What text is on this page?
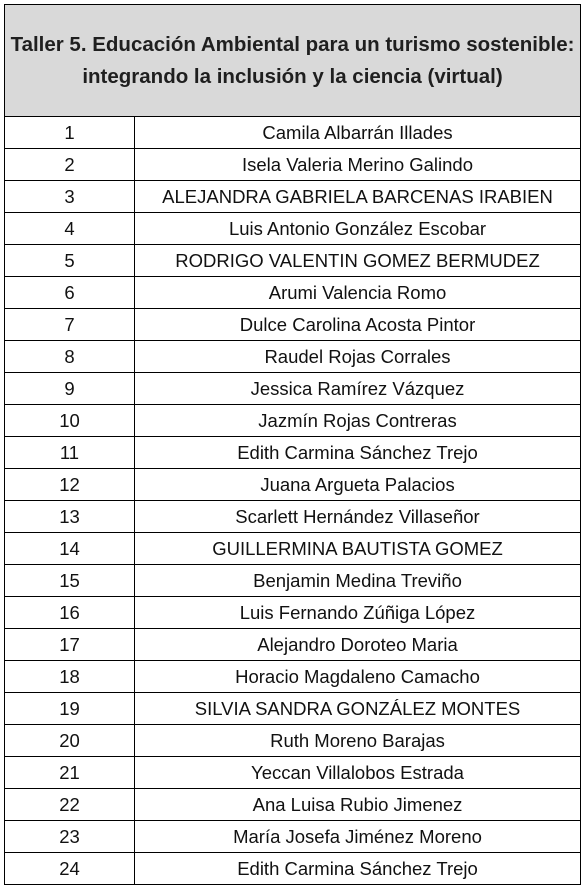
Taller 5. Educación Ambiental para un turismo sostenible: integrando la inclusión y la ciencia (virtual)	
1	Camila Albarrán Illades
2	Isela Valeria Merino Galindo
3	ALEJANDRA GABRIELA BARCENAS IRABIEN
4	Luis Antonio González Escobar
5	RODRIGO VALENTIN GOMEZ BERMUDEZ
6	Arumi Valencia Romo
7	Dulce Carolina Acosta Pintor
8	Raudel Rojas Corrales
9	Jessica Ramírez Vázquez
10	Jazmín Rojas Contreras
11	Edith Carmina Sánchez Trejo
12	Juana Argueta Palacios
13	Scarlett Hernández Villaseñor
14	GUILLERMINA BAUTISTA GOMEZ
15	Benjamin Medina Treviño
16	Luis Fernando Zúñiga López
17	Alejandro Doroteo Maria
18	Horacio Magdaleno Camacho
19	SILVIA SANDRA GONZÁLEZ MONTES
20	Ruth Moreno Barajas
21	Yeccan Villalobos Estrada
22	Ana Luisa Rubio Jimenez
23	María Josefa Jiménez Moreno
24	Edith Carmina Sánchez Trejo
